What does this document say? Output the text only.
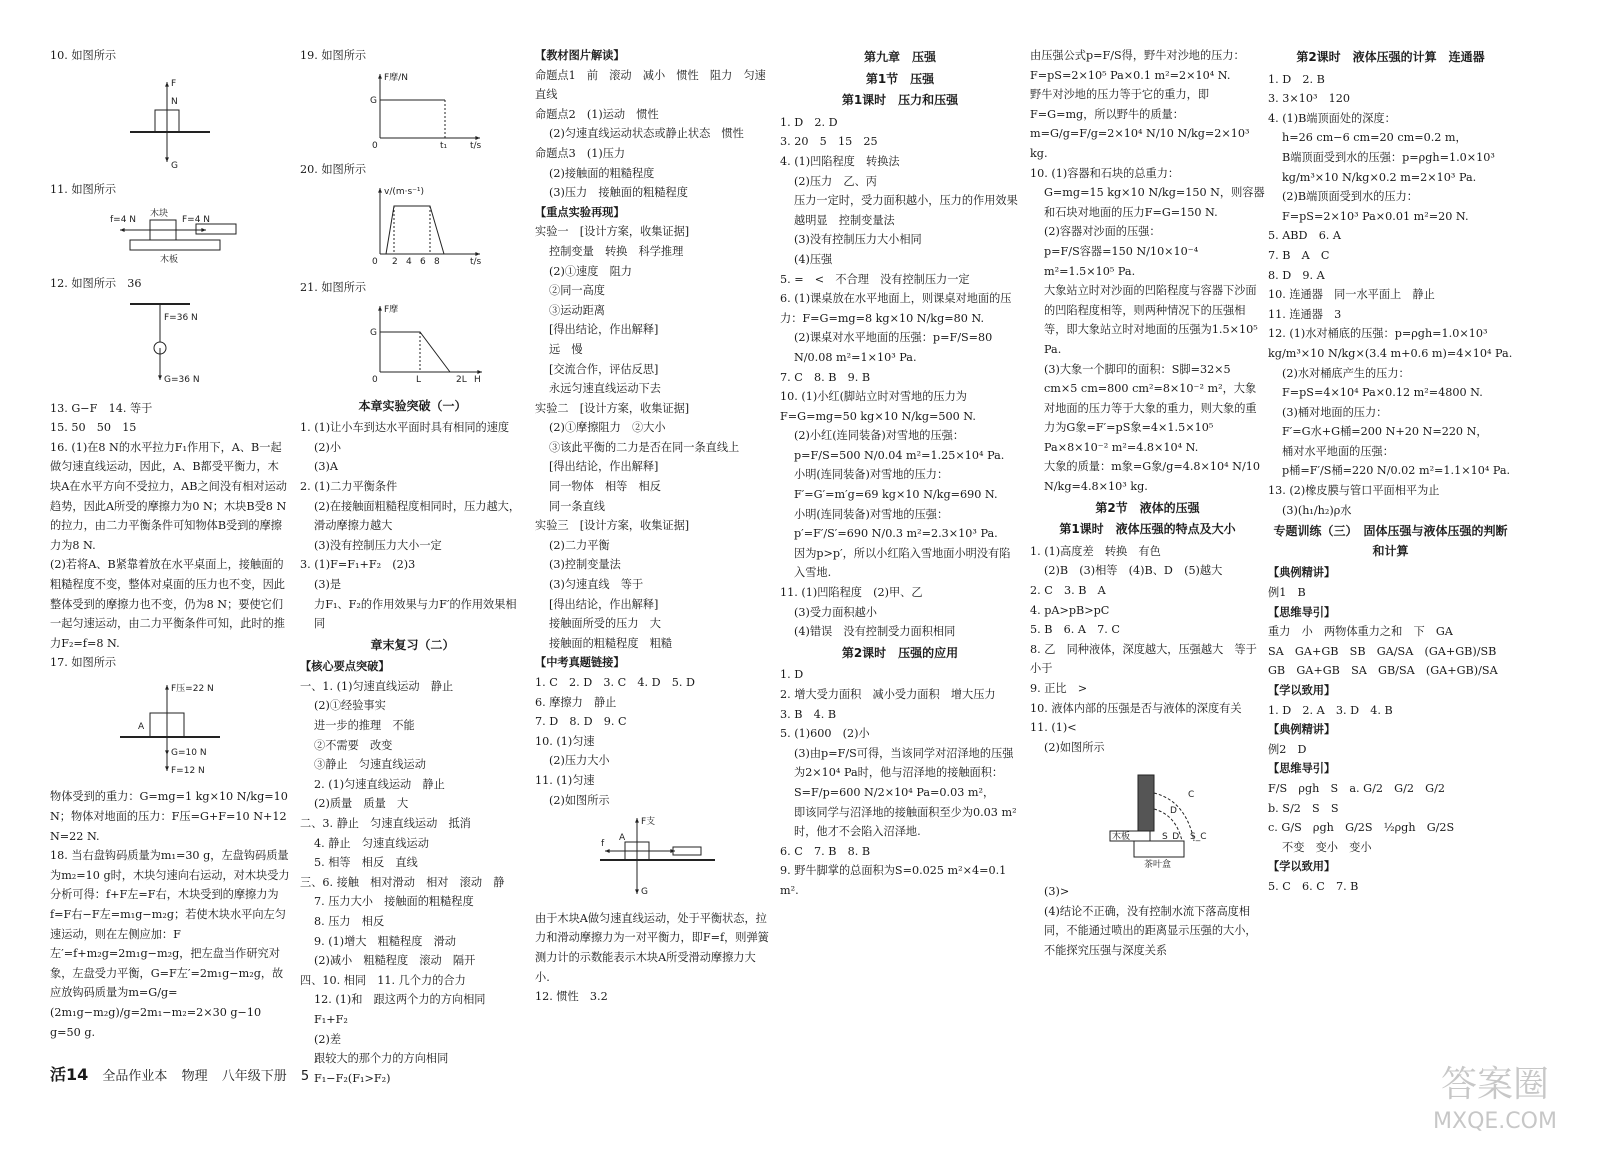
10. 如图所示

F
N
G

11. 如图所示

f=4 N
木块
F=4 N
木板

12. 如图所示　36

F=36 N
G=36 N

13. G−F　14. 等于

15. 50　50　15

16. (1)在8 N的水平拉力F₁作用下，A、B一起做匀速直线运动，因此，A、B都受平衡力，木块A在水平方向不受拉力，AB之间没有相对运动趋势，因此A所受的摩擦力为0 N；木块B受8 N的拉力，由二力平衡条件可知物体B受到的摩擦力为8 N.

(2)若将A、B紧靠着放在水平桌面上，接触面的粗糙程度不变，整体对桌面的压力也不变，因此整体受到的摩擦力也不变，仍为8 N；要使它们一起匀速运动，由二力平衡条件可知，此时的推力F₂=f=8 N.

17. 如图所示

F压=22 N
A
G=10 N
F=12 N

物体受到的重力：G=mg=1 kg×10 N/kg=10 N；物体对地面的压力：F压=G+F=10 N+12 N=22 N.

18. 当右盘钩码质量为m₁=30 g，左盘钩码质量为m₂=10 g时，木块匀速向右运动，对木块受力分析可得：f+F左=F右，木块受到的摩擦力为f=F右−F左=m₁g−m₂g；若使木块水平向左匀速运动，则在左侧应加：F左′=f+m₂g=2m₁g−m₂g，把左盘当作研究对象，左盘受力平衡，G=F左′=2m₁g−m₂g，故应放钩码质量为m=G/g=(2m₁g−m₂g)/g=2m₁−m₂=2×30 g−10 g=50 g.

19. 如图所示

F摩/N
G
0	t₁	t/s

20. 如图所示

v/(m·s⁻¹)
0 2 4 6 8	t/s

21. 如图所示

F摩
G
0	L	2L H

本章实验突破（一）

1. (1)让小车到达水平面时具有相同的速度

(2)小

(3)A

2. (1)二力平衡条件

(2)在接触面粗糙程度相同时，压力越大，滑动摩擦力越大

(3)没有控制压力大小一定

3. (1)F=F₁+F₂　(2)3

(3)是

力F₁、F₂的作用效果与力F′的作用效果相同

章末复习（二）

【核心要点突破】

一、1. (1)匀速直线运动　静止

(2)①经验事实

进一步的推理　不能

②不需要　改变

③静止　匀速直线运动

2. (1)匀速直线运动　静止

(2)质量　质量　大

二、3. 静止　匀速直线运动　抵消

4. 静止　匀速直线运动

5. 相等　相反　直线

三、6. 接触　相对滑动　相对　滚动　静

7. 压力大小　接触面的粗糙程度

8. 压力　相反

9. (1)增大　粗糙程度　滑动

(2)减小　粗糙程度　滚动　隔开

四、10. 相同　11. 几个力的合力

12. (1)和　跟这两个力的方向相同

F₁+F₂

(2)差

跟较大的那个力的方向相同

F₁−F₂(F₁>F₂)

【教材图片解读】

命题点1　前　滚动　减小　惯性　阻力　匀速直线

命题点2　(1)运动　惯性

(2)匀速直线运动状态或静止状态　惯性

命题点3　(1)压力

(2)接触面的粗糙程度

(3)压力　接触面的粗糙程度

【重点实验再现】

实验一　[设计方案，收集证据]

控制变量　转换　科学推理

(2)①速度　阻力

②同一高度

③运动距离

[得出结论，作出解释]

远　慢

[交流合作，评估反思]

永远匀速直线运动下去

实验二　[设计方案，收集证据]

(2)①摩擦阻力　②大小

③该此平衡的二力是否在同一条直线上

[得出结论，作出解释]

同一物体　相等　相反

同一条直线

实验三　[设计方案，收集证据]

(2)二力平衡

(3)控制变量法

(3)匀速直线　等于

[得出结论，作出解释]

接触面所受的压力　大

接触面的粗糙程度　粗糙

【中考真题链接】

1. C　2. D　3. C　4. D　5. D

6. 摩擦力　静止

7. D　8. D　9. C

10. (1)匀速

(2)压力大小

11. (1)匀速

(2)如图所示

f
A
F支
G

由于木块A做匀速直线运动，处于平衡状态，拉力和滑动摩擦力为一对平衡力，即F=f，则弹簧测力计的示数能表示木块A所受滑动摩擦力大小.

12. 惯性　3.2

第九章　压强

第1节　压强

第1课时　压力和压强

1. D　2. D

3. 20　5　15　25

4. (1)凹陷程度　转换法

(2)压力　乙、丙

压力一定时，受力面积越小，压力的作用效果越明显　控制变量法

(3)没有控制压力大小相同

(4)压强

5. =　<　不合理　没有控制压力一定

6. (1)课桌放在水平地面上，则课桌对地面的压力：F=G=mg=8 kg×10 N/kg=80 N.

(2)课桌对水平地面的压强：p=F/S=80 N/0.08 m²=1×10³ Pa.

7. C　8. B　9. B

10. (1)小红(脚站立时对雪地的压力为F=G=mg=50 kg×10 N/kg=500 N.

(2)小红(连同装备)对雪地的压强：p=F/S=500 N/0.04 m²=1.25×10⁴ Pa.

小明(连同装备)对雪地的压力：F′=G′=m′g=69 kg×10 N/kg=690 N.

小明(连同装备)对雪地的压强：p′=F′/S′=690 N/0.3 m²=2.3×10³ Pa.

因为p>p′，所以小红陷入雪地面小明没有陷入雪地.

11. (1)凹陷程度　(2)甲、乙

(3)受力面积越小

(4)错误　没有控制受力面积相同

第2课时　压强的应用

1. D

2. 增大受力面积　减小受力面积　增大压力

3. B　4. B

5. (1)600　(2)小

(3)由p=F/S可得，当该同学对沼泽地的压强为2×10⁴ Pa时，他与沼泽地的接触面积：

S=F/p=600 N/2×10⁴ Pa=0.03 m²，

即该同学与沼泽地的接触面积至少为0.03 m²时，他才不会陷入沼泽地.

6. C　7. B　8. B

9. 野牛脚掌的总面积为S=0.025 m²×4=0.1 m².

由压强公式p=F/S得，野牛对沙地的压力：

F=pS=2×10⁵ Pa×0.1 m²=2×10⁴ N.

野牛对沙地的压力等于它的重力，即F=G=mg，所以野牛的质量：m=G/g=F/g=2×10⁴ N/10 N/kg=2×10³ kg.

10. (1)容器和石块的总重力：

G=mg=15 kg×10 N/kg=150 N，则容器和石块对地面的压力F=G=150 N.

(2)容器对沙面的压强：

p=F/S容器=150 N/10×10⁻⁴ m²=1.5×10⁵ Pa.

大象站立时对沙面的凹陷程度与容器下沙面的凹陷程度相等，则两种情况下的压强相等，即大象站立时对地面的压强为1.5×10⁵ Pa.

(3)大象一个脚印的面积：S脚=32×5 cm×5 cm=800 cm²=8×10⁻² m²，大象对地面的压力等于大象的重力，则大象的重力为G象=F′=pS象=4×1.5×10⁵ Pa×8×10⁻² m²=4.8×10⁴ N.

大象的质量：m象=G象/g=4.8×10⁴ N/10 N/kg=4.8×10³ kg.

第2节　液体的压强

第1课时　液体压强的特点及大小

1. (1)高度差　转换　有色

(2)B　(3)相等　(4)B、D　(5)越大

2. C　3. B　A

4. pA>pB>pC

5. B　6. A　7. C

8. 乙　同种液体，深度越大，压强越大　等于　小于

9. 正比　>

10. 液体内部的压强是否与液体的深度有关

11. (1)<

(2)如图所示

C
D
木板
茶叶盒
S_D S_C

(3)>

(4)结论不正确，没有控制水流下落高度相同，不能通过喷出的距离显示压强的大小，不能探究压强与深度关系

第2课时　液体压强的计算　连通器

1. D　2. B

3. 3×10³　120

4. (1)B端顶面处的深度：

h=26 cm−6 cm=20 cm=0.2 m，

B端顶面受到水的压强：p=ρgh=1.0×10³ kg/m³×10 N/kg×0.2 m=2×10³ Pa.

(2)B端顶面受到水的压力：

F=pS=2×10³ Pa×0.01 m²=20 N.

5. ABD　6. A

7. B　A　C

8. D　9. A

10. 连通器　同一水平面上　静止

11. 连通器　3

12. (1)水对桶底的压强：p=ρgh=1.0×10³ kg/m³×10 N/kg×(3.4 m+0.6 m)=4×10⁴ Pa.

(2)水对桶底产生的压力：

F=pS=4×10⁴ Pa×0.12 m²=4800 N.

(3)桶对地面的压力：

F′=G水+G桶=200 N+20 N=220 N，

桶对水平地面的压强：

p桶=F′/S桶=220 N/0.02 m²=1.1×10⁴ Pa.

13. (2)橡皮膜与管口平面相平为止

(3)(h₁/h₂)ρ水

专题训练（三）　固体压强与液体压强的判断和计算

【典例精讲】

例1　B

【思维导引】

重力　小　两物体重力之和　下　GA

SA　GA+GB　SB　GA/SA　(GA+GB)/SB

GB　GA+GB　SA　GB/SA　(GA+GB)/SA

【学以致用】

1. D　2. A　3. D　4. B

【典例精讲】

例2　D

【思维导引】

F/S　ρgh　S　a. G/2　G/2　G/2

b. S/2　S　S

c. G/S　ρgh　G/2S　½ρgh　G/2S

不变　变小　变小

【学以致用】

5. C　6. C　7. B

活14 全品作业本 物理 八年级下册 5	答案圈
MXQE.COM
